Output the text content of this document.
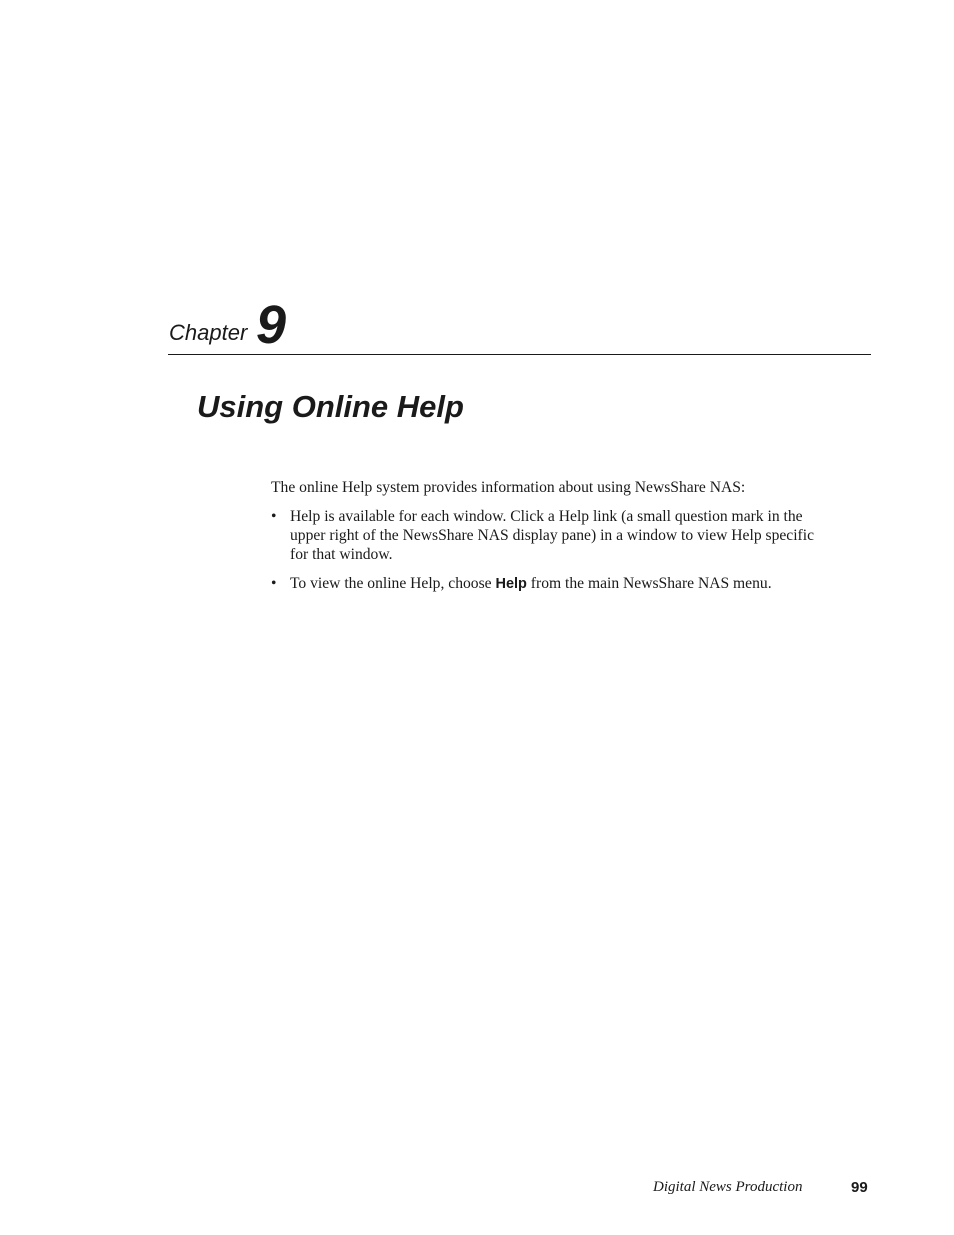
Chapter 9
Using Online Help

The online Help system provides information about using NewsShare NAS:

• Help is available for each window. Click a Help link (a small question mark in the upper right of the NewsShare NAS display pane) in a window to view Help specific for that window.
• To view the online Help, choose Help from the main NewsShare NAS menu.
Digital News Production	99
